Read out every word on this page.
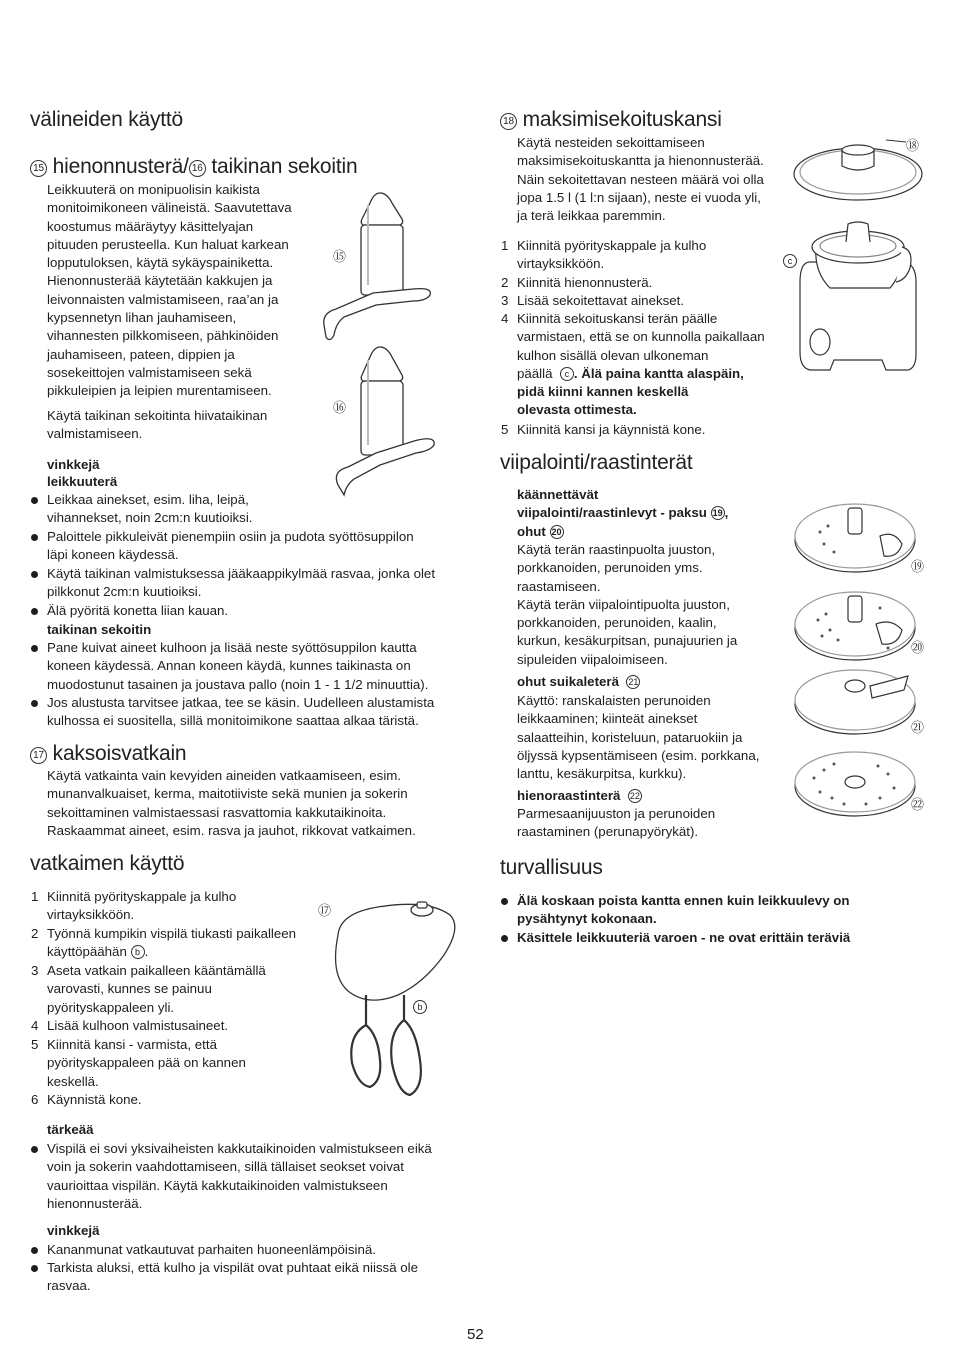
välineiden käyttö
15 hienonnusterä/ 16 taikinan sekoitin
Leikkuuterä on monipuolisin kaikista
monitoimikoneen välineistä. Saavutettava
koostumus määräytyy käsittelyajan
pituuden perusteella. Kun haluat karkean
lopputuloksen, käytä sykäyspainiketta.
Hienonnusterää käytetään kakkujen ja
leivonnaisten valmistamiseen, raa’an ja
kypsennetyn lihan jauhamiseen,
vihannesten pilkkomiseen, pähkinöiden
jauhamiseen, pateen, dippien ja
sosekeittojen valmistamiseen sekä
pikkuleipien ja leipien murentamiseen.
Käytä taikinan sekoitinta hiivataikinan
valmistamiseen.
vinkkejä
leikkuuterä
Leikkaa ainekset, esim. liha, leipä,
vihannekset, noin 2cm:n kuutioiksi.
Paloittele pikkuleivät pienempiin osiin ja pudota syöttösuppilon
läpi koneen käydessä.
Käytä taikinan valmistuksessa jääkaappikylmää rasvaa, jonka olet
pilkkonut 2cm:n kuutioiksi.
Älä pyöritä konetta liian kauan.
taikinan sekoitin
Pane kuivat aineet kulhoon ja lisää neste syöttösuppilon kautta
koneen käydessä. Annan koneen käydä, kunnes taikinasta on
muodostunut tasainen ja joustava pallo (noin 1 - 1 1/2 minuuttia).
Jos alustusta tarvitsee jatkaa, tee se käsin. Uudelleen alustamista
kulhossa ei suositella, sillä monitoimikone saattaa alkaa täristä.
⑮
⑯
17 kaksoisvatkain
Käytä vatkainta vain kevyiden aineiden vatkaamiseen, esim.
munanvalkuaiset, kerma, maitotiiviste sekä munien ja sokerin
sekoittaminen valmistaessasi rasvattomia kakkutaikinoita.
Raskaammat aineet, esim. rasva ja jauhot, rikkovat vatkaimen.
vatkaimen käyttö
1 Kiinnitä pyörityskappale ja kulho
virtayksikköön.
2 Työnnä kumpikin vispilä tiukasti paikalleen
käyttöpäähän b .
3 Aseta vatkain paikalleen kääntämällä
varovasti, kunnes se painuu
pyörityskappaleen yli.
4 Lisää kulhoon valmistusaineet.
5 Kiinnitä kansi - varmista, että
pyörityskappaleen pää on kannen
keskellä.
6 Käynnistä kone.
⑰
b
tärkeää
Vispilä ei sovi yksivaiheisten kakkutaikinoiden valmistukseen eikä
voin ja sokerin vaahdottamiseen, sillä tällaiset seokset voivat
vaurioittaa vispilän. Käytä kakkutaikinoiden valmistukseen
hienonnusterää.
vinkkejä
Kananmunat vatkautuvat parhaiten huoneenlämpöisinä.
Tarkista aluksi, että kulho ja vispilät ovat puhtaat eikä niissä ole
rasvaa.
18 maksimisekoituskansi
Käytä nesteiden sekoittamiseen
maksimisekoituskantta ja hienonnusterää.
Näin sekoitettavan nesteen määrä voi olla
jopa 1.5 l (1 l:n sijaan), neste ei vuoda yli,
ja terä leikkaa paremmin.
1 Kiinnitä pyörityskappale ja kulho
virtayksikköön.
2 Kiinnitä hienonnusterä.
3 Lisää sekoitettavat ainekset.
4 Kiinnitä sekoituskansi terän päälle
varmistaen, että se on kunnolla paikallaan
kulhon sisällä olevan ulkoneman
päällä c . Älä paina kantta alaspäin,
pidä kiinni kannen keskellä
olevasta ottimesta.
5 Kiinnitä kansi ja käynnistä kone.
⑱
c
viipalointi/raastinterät
käännettävät
viipalointi/raastinlevyt - paksu 19 ,
ohut 20
Käytä terän raastinpuolta juuston,
porkkanoiden, perunoiden yms.
raastamiseen.
Käytä terän viipalointipuolta juuston,
porkkanoiden, perunoiden, kaalin,
kurkun, kesäkurpitsan, punajuurien ja
sipuleiden viipaloimiseen.
ohut suikaleterä 21
Käyttö: ranskalaisten perunoiden
leikkaaminen; kiinteät ainekset
salaatteihin, koristeluun, pataruokiin ja
öljyssä kypsentämiseen (esim. porkkana,
lanttu, kesäkurpitsa, kurkku).
hienoraastinterä 22
Parmesaanijuuston ja perunoiden
raastaminen (perunapyörykät).
⑲
⑳
㉑
㉒
turvallisuus
Älä koskaan poista kantta ennen kuin leikkuulevy on
pysähtynyt kokonaan.
Käsittele leikkuuteriä varoen - ne ovat erittäin teräviä
52
